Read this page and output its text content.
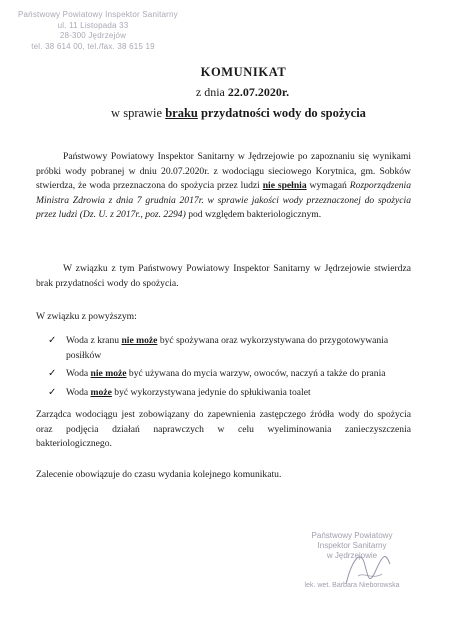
Państwowy Powiatowy Inspektor Sanitarny
ul. 11 Listopada 33
28-300 Jędrzejów
tel. 38 614 00, tel./fax. 38 615 19
KOMUNIKAT
z dnia 22.07.2020r.
w sprawie braku przydatności wody do spożycia
Państwowy Powiatowy Inspektor Sanitarny w Jędrzejowie po zapoznaniu się wynikami próbki wody pobranej w dniu 20.07.2020r. z wodociągu sieciowego Korytnica, gm. Sobków stwierdza, że woda przeznaczona do spożycia przez ludzi nie spełnia wymagań Rozporządzenia Ministra Zdrowia z dnia 7 grudnia 2017r. w sprawie jakości wody przeznaczonej do spożycia przez ludzi (Dz. U. z 2017r., poz. 2294) pod względem bakteriologicznym.
W związku z tym Państwowy Powiatowy Inspektor Sanitarny w Jędrzejowie stwierdza brak przydatności wody do spożycia.
W związku z powyższym:
✓ Woda z kranu nie może być spożywana oraz wykorzystywana do przygotowywania posiłków
✓ Woda nie może być używana do mycia warzyw, owoców, naczyń a także do prania
✓ Woda może być wykorzystywana jedynie do spłukiwania toalet
Zarządca wodociągu jest zobowiązany do zapewnienia zastępczego źródła wody do spożycia oraz podjęcia działań naprawczych w celu wyeliminowania zanieczyszczenia bakteriologicznego.
Zalecenie obowiązuje do czasu wydania kolejnego komunikatu.
Państwowy Powiatowy
Inspektor Sanitarny
w Jędrzejowie
lek. wet. Barbara Nieborowska
